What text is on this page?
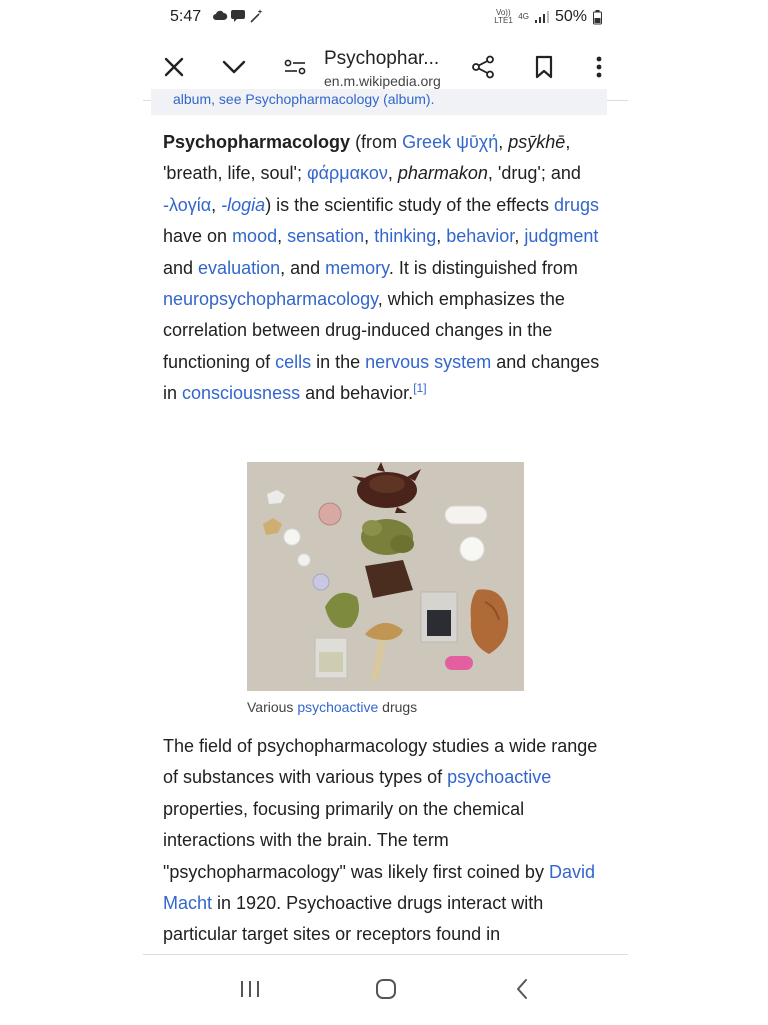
5:47	Vo)) LTE1 4G 50%
Psychophar...
en.m.wikipedia.org
album, see Psychopharmacology (album).

Psychopharmacology (from Greek ψῡχή, psȳkhē, 'breath, life, soul'; φάρμακον, pharmakon, 'drug'; and -λογία, -logia) is the scientific study of the effects drugs have on mood, sensation, thinking, behavior, judgment and evaluation, and memory. It is distinguished from neuropsychopharmacology, which emphasizes the correlation between drug-induced changes in the functioning of cells in the nervous system and changes in consciousness and behavior.[1]

Various psychoactive drugs

The field of psychopharmacology studies a wide range of substances with various types of psychoactive properties, focusing primarily on the chemical interactions with the brain. The term "psychopharmacology" was likely first coined by David Macht in 1920. Psychoactive drugs interact with particular target sites or receptors found in
